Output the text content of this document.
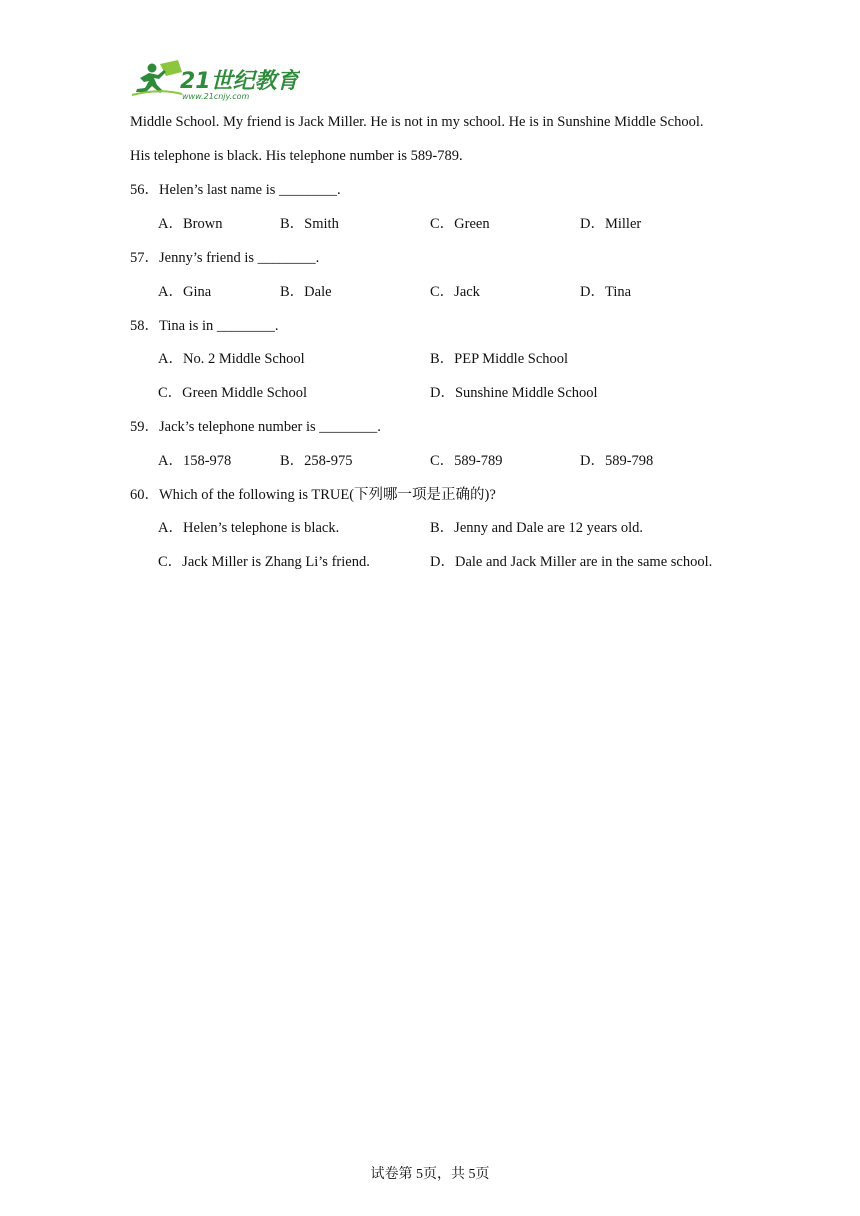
21世纪教育
www.21cnjy.com
Middle School. My friend is Jack Miller. He is not in my school. He is in Sunshine Middle School.
His telephone is black. His telephone number is 589-789.
56．Helen’s last name is ________.
A．Brown	B．Smith	C．Green	D．Miller
57．Jenny’s friend is ________.
A．Gina	B．Dale	C．Jack	D．Tina
58．Tina is in ________.
A．No. 2 Middle School	B．PEP Middle School
C．Green Middle School	D．Sunshine Middle School
59．Jack’s telephone number is ________.
A．158-978	B．258-975	C．589-789	D．589-798
60．Which of the following is TRUE(下列哪一项是正确的)?
A．Helen’s telephone is black.	B．Jenny and Dale are 12 years old.
C．Jack Miller is Zhang Li’s friend.	D．Dale and Jack Miller are in the same school.
试卷第 5页，共 5页
